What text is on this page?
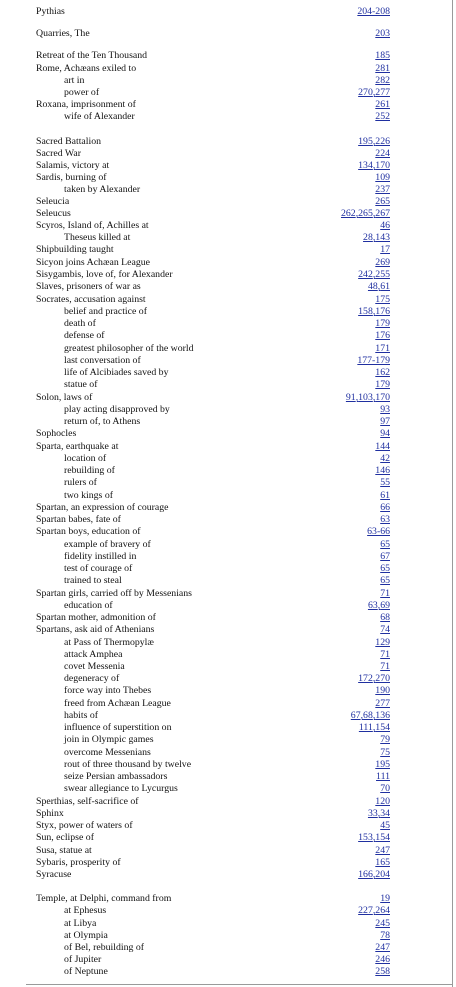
Pythias	204-208
Quarries, The	203
Retreat of the Ten Thousand	185
Rome, Achæans exiled to	281
art in	282
power of	270 , 277
Roxana, imprisonment of	261
wife of Alexander	252
Sacred Battalion	195 , 226
Sacred War	224
Salamis, victory at	134 , 170
Sardis, burning of	109
taken by Alexander	237
Seleucia	265
Seleucus	262 , 265 , 267
Scyros, Island of, Achilles at	46
Theseus killed at	28 , 143
Shipbuilding taught	17
Sicyon joins Achæan League	269
Sisygambis, love of, for Alexander	242 , 255
Slaves, prisoners of war as	48 , 61
Socrates, accusation against	175
belief and practice of	158 , 176
death of	179
defense of	176
greatest philosopher of the world	171
last conversation of	177-179
life of Alcibiades saved by	162
statue of	179
Solon, laws of	91 , 103 , 170
play acting disapproved by	93
return of, to Athens	97
Sophocles	94
Sparta, earthquake at	144
location of	42
rebuilding of	146
rulers of	55
two kings of	61
Spartan, an expression of courage	66
Spartan babes, fate of	63
Spartan boys, education of	63-66
example of bravery of	65
fidelity instilled in	67
test of courage of	65
trained to steal	65
Spartan girls, carried off by Messenians	71
education of	63 , 69
Spartan mother, admonition of	68
Spartans, ask aid of Athenians	74
at Pass of Thermopylæ	129
attack Amphea	71
covet Messenia	71
degeneracy of	172 , 270
force way into Thebes	190
freed from Achæan League	277
habits of	67 , 68 , 136
influence of superstition on	111 , 154
join in Olympic games	79
overcome Messenians	75
rout of three thousand by twelve	195
seize Persian ambassadors	111
swear allegiance to Lycurgus	70
Sperthias, self-sacrifice of	120
Sphinx	33 , 34
Styx, power of waters of	45
Sun, eclipse of	153 , 154
Susa, statue at	247
Sybaris, prosperity of	165
Syracuse	166 , 204
Temple, at Delphi, command from	19
at Ephesus	227 , 264
at Libya	245
at Olympia	78
of Bel, rebuilding of	247
of Jupiter	246
of Neptune	258
